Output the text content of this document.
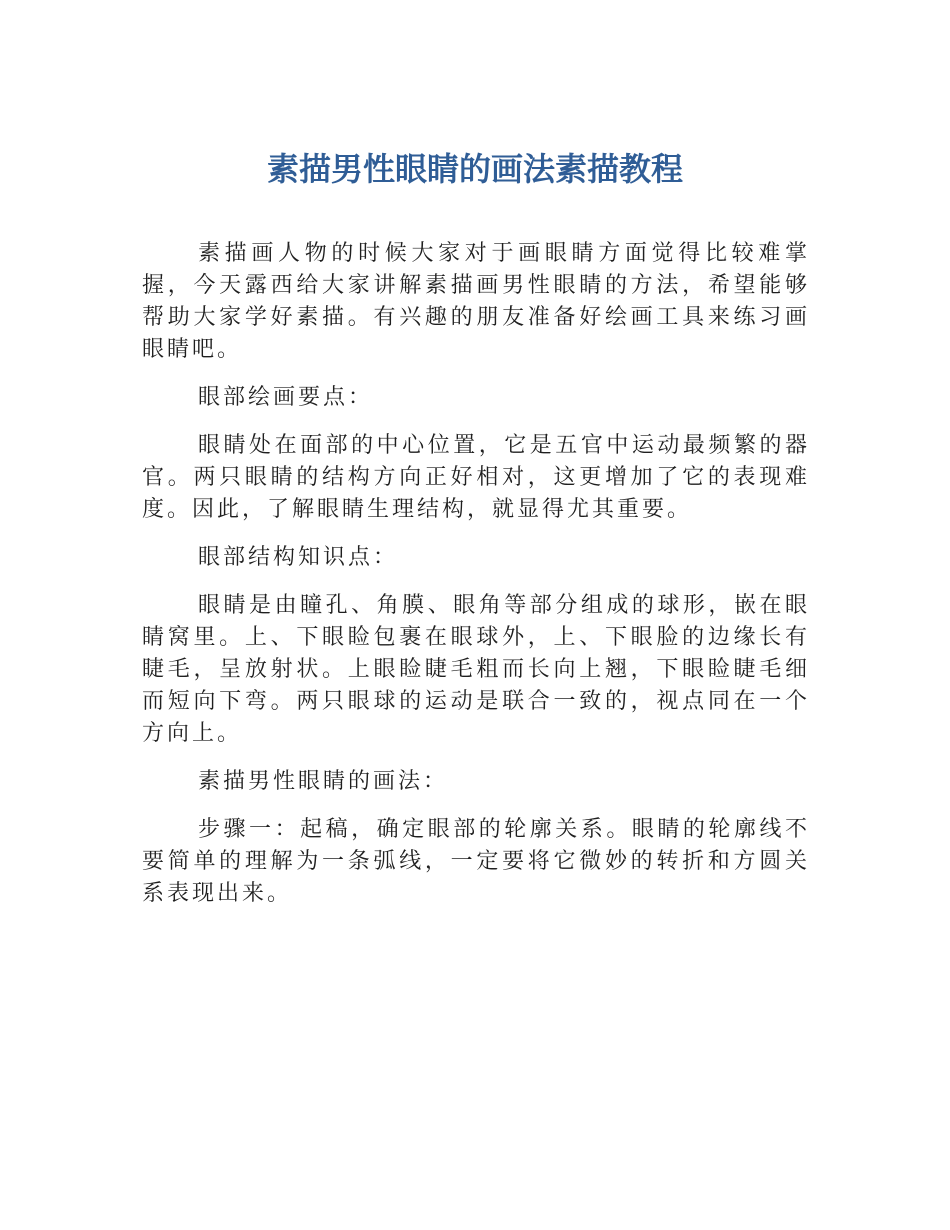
素描男性眼睛的画法素描教程

素描画人物的时候大家对于画眼睛方面觉得比较难掌握，今天露西给大家讲解素描画男性眼睛的方法，希望能够帮助大家学好素描。有兴趣的朋友准备好绘画工具来练习画眼睛吧。

眼部绘画要点：

眼睛处在面部的中心位置，它是五官中运动最频繁的器官。两只眼睛的结构方向正好相对，这更增加了它的表现难度。因此，了解眼睛生理结构，就显得尤其重要。

眼部结构知识点：

眼睛是由瞳孔、角膜、眼角等部分组成的球形，嵌在眼睛窝里。上、下眼睑包裹在眼球外，上、下眼脸的边缘长有睫毛，呈放射状。上眼睑睫毛粗而长向上翘，下眼睑睫毛细而短向下弯。两只眼球的运动是联合一致的，视点同在一个方向上。

素描男性眼睛的画法：

步骤一：起稿，确定眼部的轮廓关系。眼睛的轮廓线不要简单的理解为一条弧线，一定要将它微妙的转折和方圆关系表现出来。
